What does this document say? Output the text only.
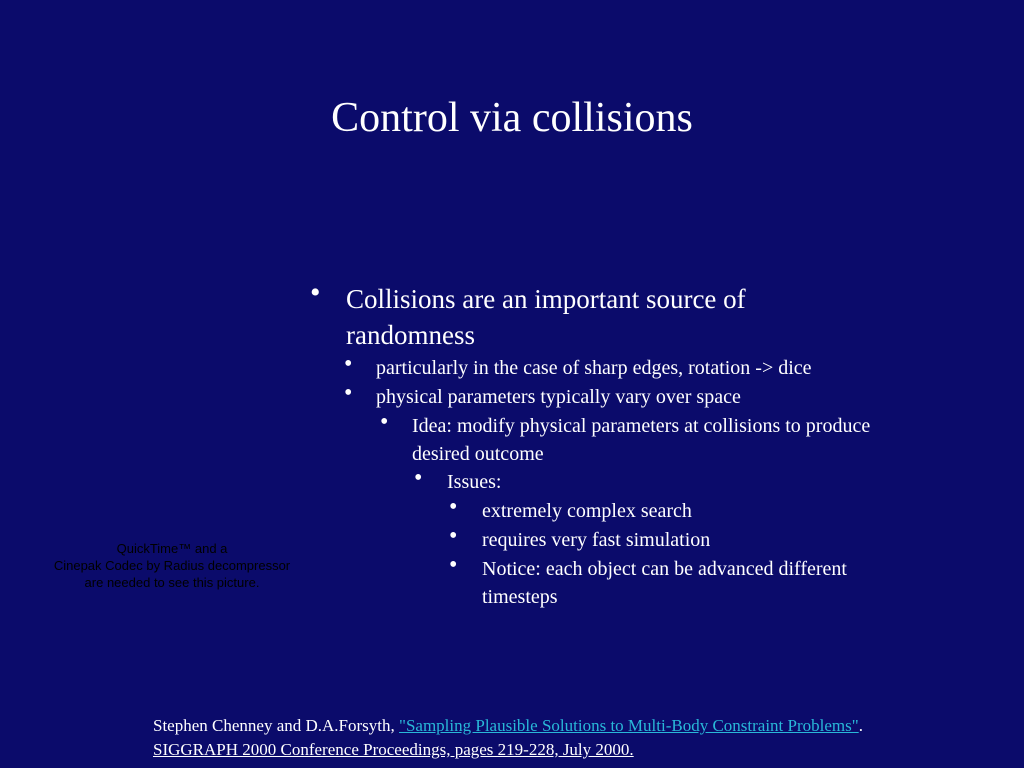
Control via collisions
• Collisions are an important source of randomness
• particularly in the case of sharp edges, rotation -> dice
• physical parameters typically vary over space
• Idea: modify physical parameters at collisions to produce desired outcome
• Issues:
• extremely complex search
• requires very fast simulation
• Notice: each object can be advanced different timesteps
QuickTime™ and a
Cinepak Codec by Radius decompressor
are needed to see this picture.
Stephen Chenney and D.A.Forsyth, "Sampling Plausible Solutions to Multi-Body Constraint Problems".
SIGGRAPH 2000 Conference Proceedings, pages 219-228, July 2000.
